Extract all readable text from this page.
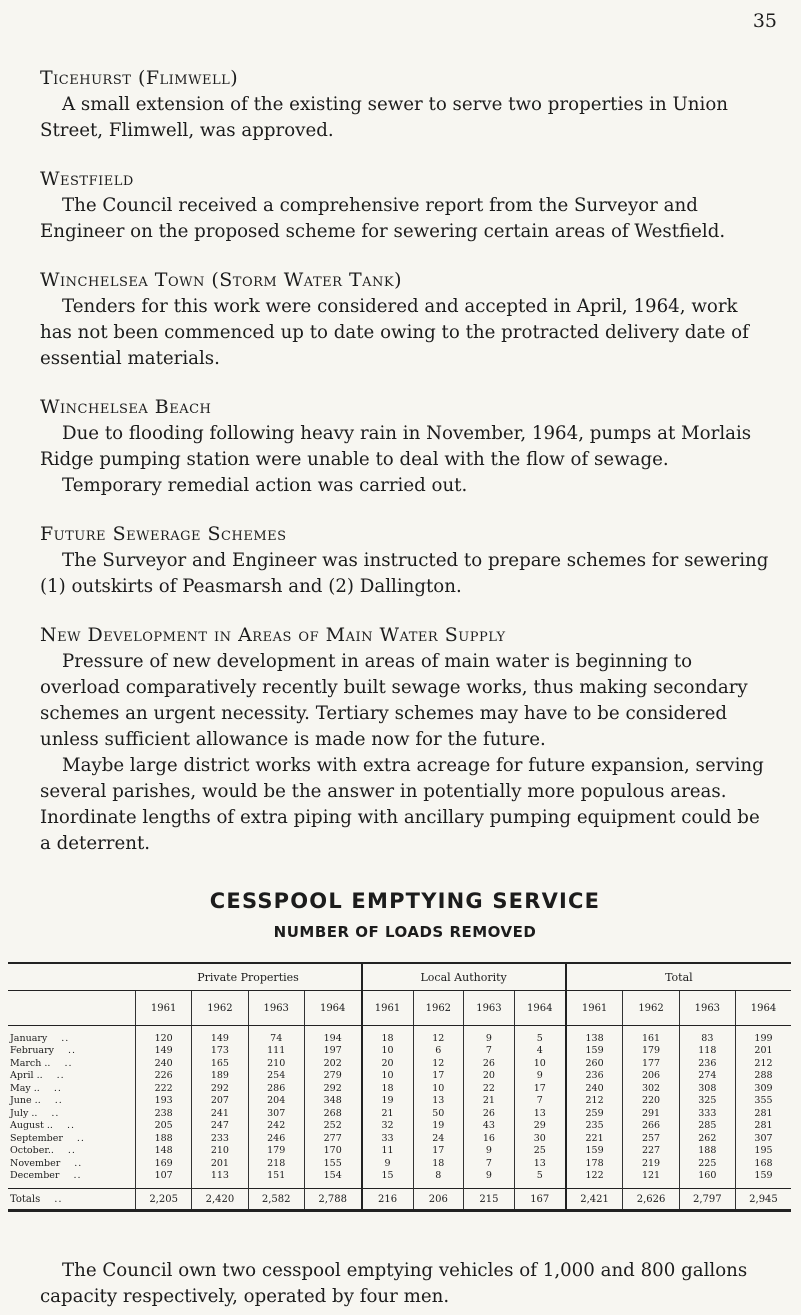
35
Ticehurst (Flimwell)

A small extension of the existing sewer to serve two properties in Union Street, Flimwell, was approved.

Westfield

The Council received a comprehensive report from the Surveyor and Engineer on the proposed scheme for sewering certain areas of Westfield.

Winchelsea Town (Storm Water Tank)

Tenders for this work were considered and accepted in April, 1964, work has not been commenced up to date owing to the protracted delivery date of essential materials.

Winchelsea Beach

Due to flooding following heavy rain in November, 1964, pumps at Morlais Ridge pumping station were unable to deal with the flow of sewage.

Temporary remedial action was carried out.

Future Sewerage Schemes

The Surveyor and Engineer was instructed to prepare schemes for sewering (1) outskirts of Peasmarsh and (2) Dallington.

New Development in Areas of Main Water Supply

Pressure of new development in areas of main water is beginning to overload comparatively recently built sewage works, thus making secondary schemes an urgent necessity. Tertiary schemes may have to be considered unless sufficient allowance is made now for the future.

Maybe large district works with extra acreage for future expansion, serving several parishes, would be the answer in potentially more populous areas. Inordinate lengths of extra piping with ancillary pumping equipment could be a deterrent.

CESSPOOL EMPTYING SERVICE
NUMBER OF LOADS REMOVED
	Private Properties				Local Authority				Total			
	1961	1962	1963	1964	1961	1962	1963	1964	1961	1962	1963	1964
January ..	120	149	74	194	18	12	9	5	138	161	83	199
February ..	149	173	111	197	10	6	7	4	159	179	118	201
March .. ..	240	165	210	202	20	12	26	10	260	177	236	212
April .. ..	226	189	254	279	10	17	20	9	236	206	274	288
May .. ..	222	292	286	292	18	10	22	17	240	302	308	309
June .. ..	193	207	204	348	19	13	21	7	212	220	325	355
July .. ..	238	241	307	268	21	50	26	13	259	291	333	281
August .. ..	205	247	242	252	32	19	43	29	235	266	285	281
September ..	188	233	246	277	33	24	16	30	221	257	262	307
October.. ..	148	210	179	170	11	17	9	25	159	227	188	195
November ..	169	201	218	155	9	18	7	13	178	219	225	168
December ..	107	113	151	154	15	8	9	5	122	121	160	159
Totals ..	2,205	2,420	2,582	2,788	216	206	215	167	2,421	2,626	2,797	2,945

The Council own two cesspool emptying vehicles of 1,000 and 800 gallons capacity respectively, operated by four men.
